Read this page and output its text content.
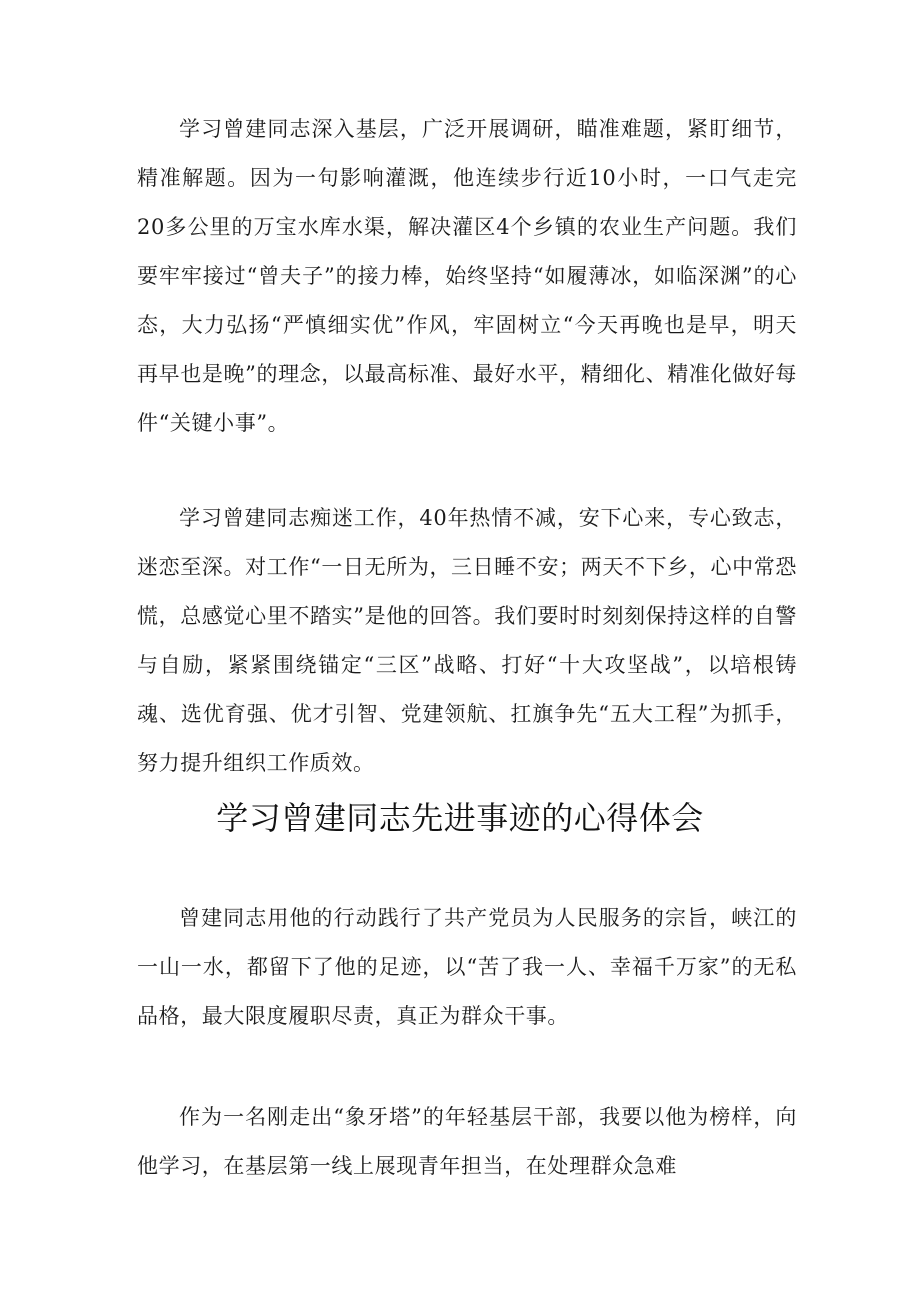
学习曾建同志深入基层，广泛开展调研，瞄准难题，紧盯细节，精准解题。因为一句影响灌溉，他连续步行近10小时，一口气走完20多公里的万宝水库水渠，解决灌区4个乡镇的农业生产问题。我们要牢牢接过“曾夫子”的接力棒，始终坚持“如履薄冰，如临深渊”的心态，大力弘扬“严慎细实优”作风，牢固树立“今天再晚也是早，明天再早也是晚”的理念，以最高标准、最好水平，精细化、精准化做好每件“关键小事”。

学习曾建同志痴迷工作，40年热情不减，安下心来，专心致志，迷恋至深。对工作“一日无所为，三日睡不安；两天不下乡，心中常恐慌，总感觉心里不踏实”是他的回答。我们要时时刻刻保持这样的自警与自励，紧紧围绕锚定“三区”战略、打好“十大攻坚战”，以培根铸魂、选优育强、优才引智、党建领航、扛旗争先“五大工程”为抓手，努力提升组织工作质效。

学习曾建同志先进事迹的心得体会

曾建同志用他的行动践行了共产党员为人民服务的宗旨，峡江的一山一水，都留下了他的足迹，以“苦了我一人、幸福千万家”的无私品格，最大限度履职尽责，真正为群众干事。

作为一名刚走出“象牙塔”的年轻基层干部，我要以他为榜样，向他学习，在基层第一线上展现青年担当，在处理群众急难
